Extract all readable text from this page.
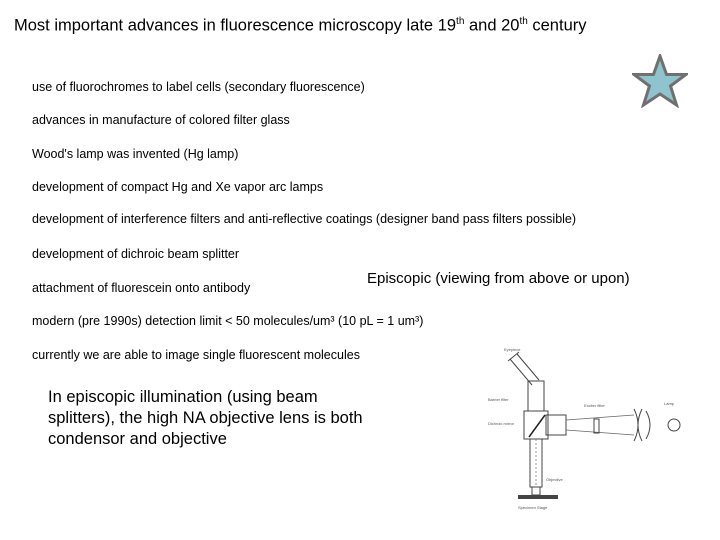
Most important advances in fluorescence microscopy late 19th and 20th century

use of fluorochromes to label cells (secondary fluorescence)

advances in manufacture of colored filter glass

Wood's lamp was invented (Hg lamp)

development of compact Hg and Xe vapor arc lamps

development of interference filters and anti-reflective coatings (designer band pass filters possible)

development of dichroic beam splitter

attachment of fluorescein onto antibody

modern (pre 1990s) detection limit < 50 molecules/um³ (10 pL = 1 um³)

currently we are able to image single fluorescent molecules

Episcopic (viewing from above or upon)

In episcopic illumination (using beam splitters), the high NA objective lens is both condensor and objective

Eyepiece
Barrier filter
Dichroic mirror
Exciter filter	Lamp
Objective
Specimen Stage
